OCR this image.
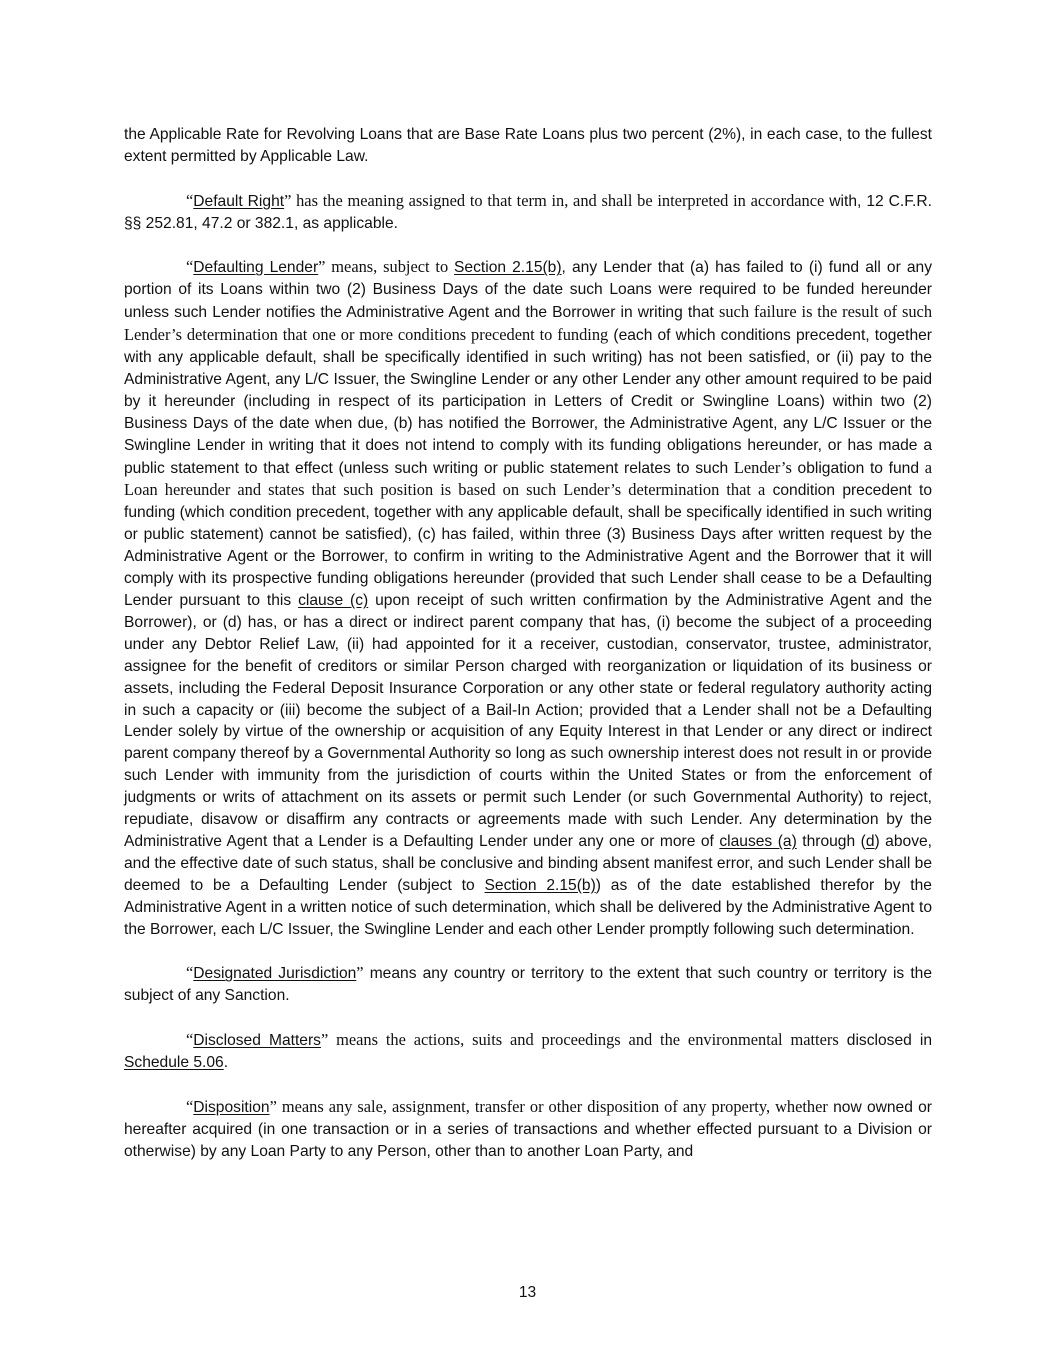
the Applicable Rate for Revolving Loans that are Base Rate Loans plus two percent (2%), in each case, to the fullest extent permitted by Applicable Law.

“Default Right” has the meaning assigned to that term in, and shall be interpreted in accordance with, 12 C.F.R. §§ 252.81, 47.2 or 382.1, as applicable.

“Defaulting Lender” means, subject to Section 2.15(b), any Lender that (a) has failed to (i) fund all or any portion of its Loans within two (2) Business Days of the date such Loans were required to be funded hereunder unless such Lender notifies the Administrative Agent and the Borrower in writing that such failure is the result of such Lender’s determination that one or more conditions precedent to funding (each of which conditions precedent, together with any applicable default, shall be specifically identified in such writing) has not been satisfied, or (ii) pay to the Administrative Agent, any L/C Issuer, the Swingline Lender or any other Lender any other amount required to be paid by it hereunder (including in respect of its participation in Letters of Credit or Swingline Loans) within two (2) Business Days of the date when due, (b) has notified the Borrower, the Administrative Agent, any L/C Issuer or the Swingline Lender in writing that it does not intend to comply with its funding obligations hereunder, or has made a public statement to that effect (unless such writing or public statement relates to such Lender’s obligation to fund a Loan hereunder and states that such position is based on such Lender’s determination that a condition precedent to funding (which condition precedent, together with any applicable default, shall be specifically identified in such writing or public statement) cannot be satisfied), (c) has failed, within three (3) Business Days after written request by the Administrative Agent or the Borrower, to confirm in writing to the Administrative Agent and the Borrower that it will comply with its prospective funding obligations hereunder (provided that such Lender shall cease to be a Defaulting Lender pursuant to this clause (c) upon receipt of such written confirmation by the Administrative Agent and the Borrower), or (d) has, or has a direct or indirect parent company that has, (i) become the subject of a proceeding under any Debtor Relief Law, (ii) had appointed for it a receiver, custodian, conservator, trustee, administrator, assignee for the benefit of creditors or similar Person charged with reorganization or liquidation of its business or assets, including the Federal Deposit Insurance Corporation or any other state or federal regulatory authority acting in such a capacity or (iii) become the subject of a Bail-In Action; provided that a Lender shall not be a Defaulting Lender solely by virtue of the ownership or acquisition of any Equity Interest in that Lender or any direct or indirect parent company thereof by a Governmental Authority so long as such ownership interest does not result in or provide such Lender with immunity from the jurisdiction of courts within the United States or from the enforcement of judgments or writs of attachment on its assets or permit such Lender (or such Governmental Authority) to reject, repudiate, disavow or disaffirm any contracts or agreements made with such Lender. Any determination by the Administrative Agent that a Lender is a Defaulting Lender under any one or more of clauses (a) through (d) above, and the effective date of such status, shall be conclusive and binding absent manifest error, and such Lender shall be deemed to be a Defaulting Lender (subject to Section 2.15(b)) as of the date established therefor by the Administrative Agent in a written notice of such determination, which shall be delivered by the Administrative Agent to the Borrower, each L/C Issuer, the Swingline Lender and each other Lender promptly following such determination.

“Designated Jurisdiction” means any country or territory to the extent that such country or territory is the subject of any Sanction.

“Disclosed Matters” means the actions, suits and proceedings and the environmental matters disclosed in Schedule 5.06.

“Disposition” means any sale, assignment, transfer or other disposition of any property, whether now owned or hereafter acquired (in one transaction or in a series of transactions and whether effected pursuant to a Division or otherwise) by any Loan Party to any Person, other than to another Loan Party, and

13
